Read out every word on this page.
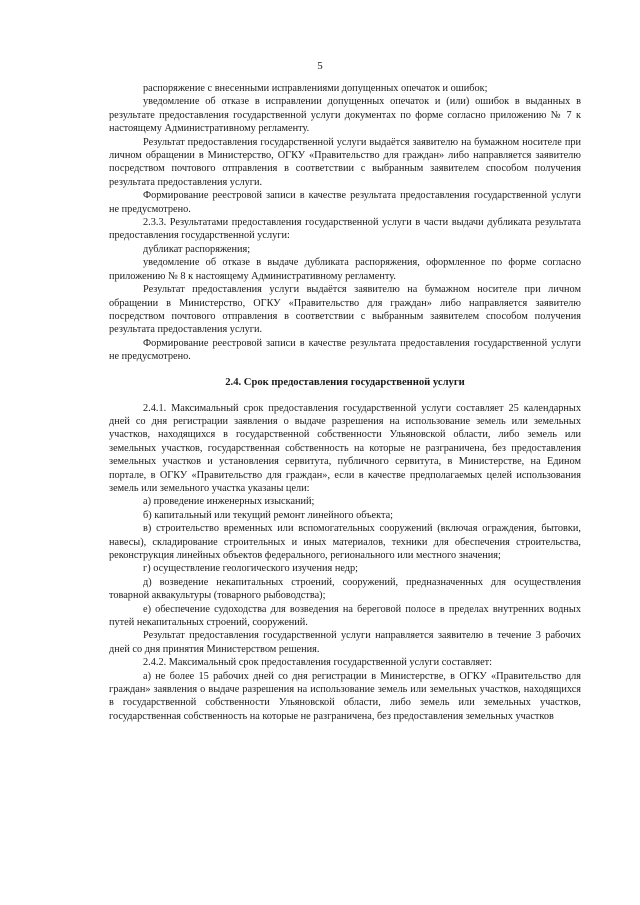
5

распоряжение с внесенными исправлениями допущенных опечаток и ошибок;

уведомление об отказе в исправлении допущенных опечаток и (или) ошибок в выданных в результате предоставления государственной услуги документах по форме согласно приложению № 7 к настоящему Административному регламенту.

Результат предоставления государственной услуги выдаётся заявителю на бумажном носителе при личном обращении в Министерство, ОГКУ «Правительство для граждан» либо направляется заявителю посредством почтового отправления в соответствии с выбранным заявителем способом получения результата предоставления услуги.

Формирование реестровой записи в качестве результата предоставления государственной услуги не предусмотрено.

2.3.3. Результатами предоставления государственной услуги в части выдачи дубликата результата предоставления государственной услуги:

дубликат распоряжения;

уведомление об отказе в выдаче дубликата распоряжения, оформленное по форме согласно приложению № 8 к настоящему Административному регламенту.

Результат предоставления услуги выдаётся заявителю на бумажном носителе при личном обращении в Министерство, ОГКУ «Правительство для граждан» либо направляется заявителю посредством почтового отправления в соответствии с выбранным заявителем способом получения результата предоставления услуги.

Формирование реестровой записи в качестве результата предоставления государственной услуги не предусмотрено.

2.4. Срок предоставления государственной услуги

2.4.1. Максимальный срок предоставления государственной услуги составляет 25 календарных дней со дня регистрации заявления о выдаче разрешения на использование земель или земельных участков, находящихся в государственной собственности Ульяновской области, либо земель или земельных участков, государственная собственность на которые не разграничена, без предоставления земельных участков и установления сервитута, публичного сервитута, в Министерстве, на Едином портале, в ОГКУ «Правительство для граждан», если в качестве предполагаемых целей использования земель или земельного участка указаны цели:

а) проведение инженерных изысканий;

б) капитальный или текущий ремонт линейного объекта;

в) строительство временных или вспомогательных сооружений (включая ограждения, бытовки, навесы), складирование строительных и иных материалов, техники для обеспечения строительства, реконструкция линейных объектов федерального, регионального или местного значения;

г) осуществление геологического изучения недр;

д) возведение некапитальных строений, сооружений, предназначенных для осуществления товарной аквакультуры (товарного рыбоводства);

е) обеспечение судоходства для возведения на береговой полосе в пределах внутренних водных путей некапитальных строений, сооружений.

Результат предоставления государственной услуги направляется заявителю в течение 3 рабочих дней со дня принятия Министерством решения.

2.4.2. Максимальный срок предоставления государственной услуги составляет:

а) не более 15 рабочих дней со дня регистрации в Министерстве, в ОГКУ «Правительство для граждан» заявления о выдаче разрешения на использование земель или земельных участков, находящихся в государственной собственности Ульяновской области, либо земель или земельных участков, государственная собственность на которые не разграничена, без предоставления земельных участков
